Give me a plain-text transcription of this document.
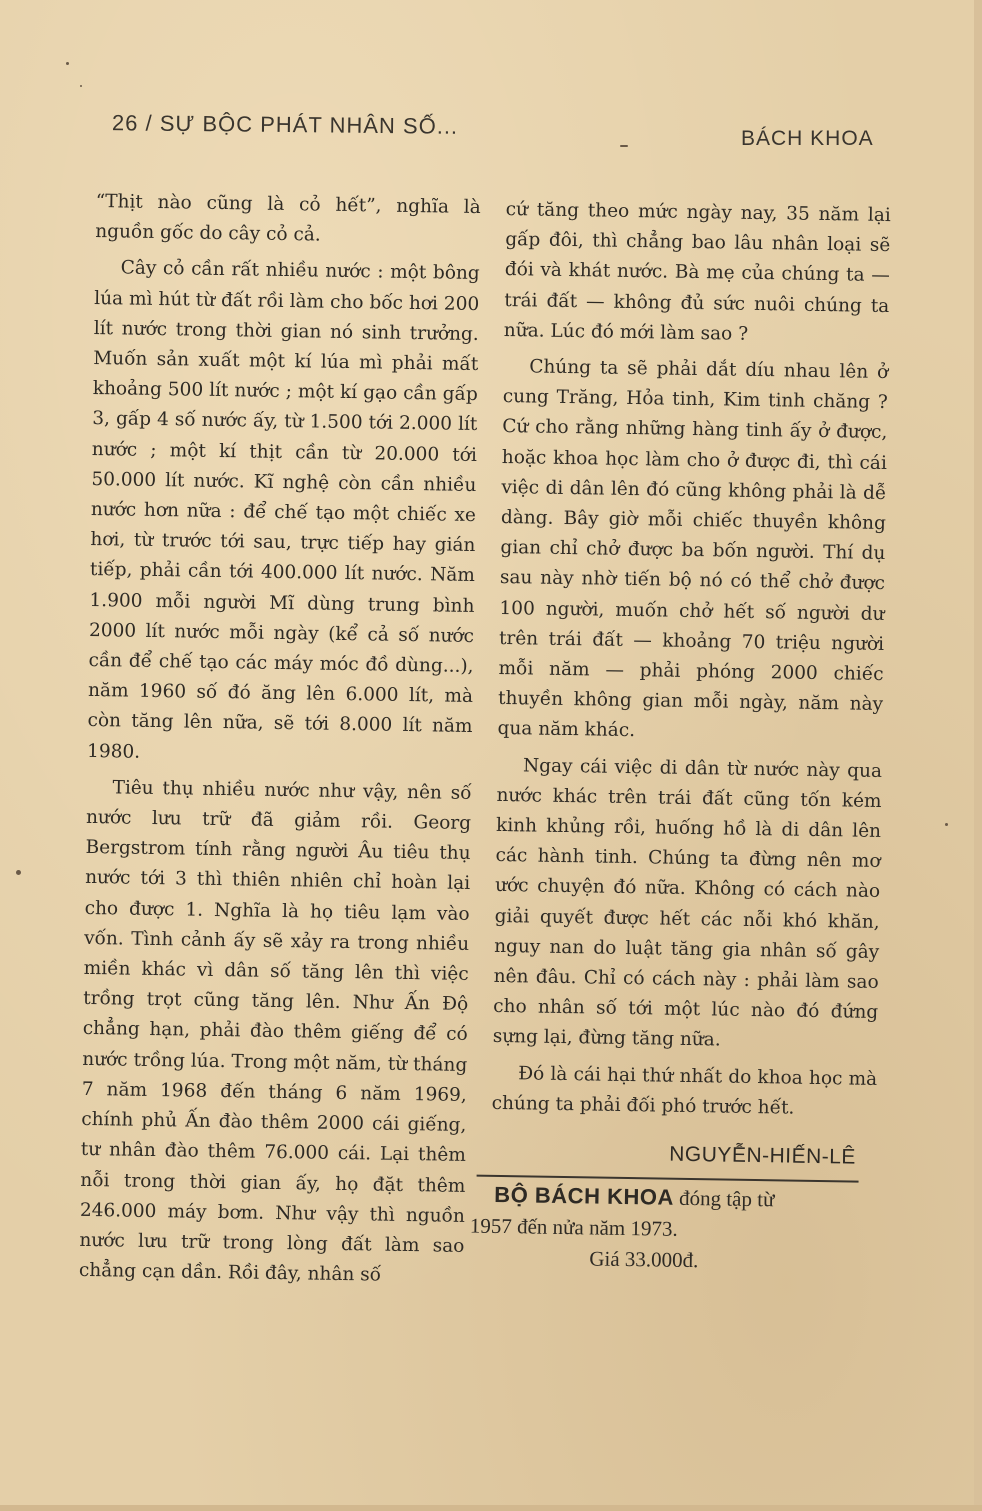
26 / SỰ BỘC PHÁT NHÂN SỐ...	BÁCH KHOA

“Thịt nào cũng là cỏ hết”, nghĩa là nguồn gốc do cây cỏ cả.

Cây cỏ cần rất nhiều nước : một bông lúa mì hút từ đất rồi làm cho bốc hơi 200 lít nước trong thời gian nó sinh trưởng. Muốn sản xuất một kí lúa mì phải mất khoảng 500 lít nước ; một kí gạo cần gấp 3, gấp 4 số nước ấy, từ 1.500 tới 2.000 lít nước ; một kí thịt cần từ 20.000 tới 50.000 lít nước. Kĩ nghệ còn cần nhiều nước hơn nữa : để chế tạo một chiếc xe hơi, từ trước tới sau, trực tiếp hay gián tiếp, phải cần tới 400.000 lít nước. Năm 1.900 mỗi người Mĩ dùng trung bình 2000 lít nước mỗi ngày (kể cả số nước cần để chế tạo các máy móc đồ dùng...), năm 1960 số đó ăng lên 6.000 lít, mà còn tăng lên nữa, sẽ tới 8.000 lít năm 1980.

Tiêu thụ nhiều nước như vậy, nên số nước lưu trữ đã giảm rồi. Georg Bergstrom tính rằng người Âu tiêu thụ nước tới 3 thì thiên nhiên chỉ hoàn lại cho được 1. Nghĩa là họ tiêu lạm vào vốn. Tình cảnh ấy sẽ xảy ra trong nhiều miền khác vì dân số tăng lên thì việc trồng trọt cũng tăng lên. Như Ấn Độ chẳng hạn, phải đào thêm giếng để có nước trồng lúa. Trong một năm, từ tháng 7 năm 1968 đến tháng 6 năm 1969, chính phủ Ấn đào thêm 2000 cái giếng, tư nhân đào thêm 76.000 cái. Lại thêm nỗi trong thời gian ấy, họ đặt thêm 246.000 máy bơm. Như vậy thì nguồn nước lưu trữ trong lòng đất làm sao chẳng cạn dần. Rồi đây, nhân số

cứ tăng theo mức ngày nay, 35 năm lại gấp đôi, thì chẳng bao lâu nhân loại sẽ đói và khát nước. Bà mẹ của chúng ta — trái đất — không đủ sức nuôi chúng ta nữa. Lúc đó mới làm sao ?

Chúng ta sẽ phải dắt díu nhau lên ở cung Trăng, Hỏa tinh, Kim tinh chăng ? Cứ cho rằng những hàng tinh ấy ở được, hoặc khoa học làm cho ở được đi, thì cái việc di dân lên đó cũng không phải là dễ dàng. Bây giờ mỗi chiếc thuyền không gian chỉ chở được ba bốn người. Thí dụ sau này nhờ tiến bộ nó có thể chở được 100 người, muốn chở hết số người dư trên trái đất — khoảng 70 triệu người mỗi năm — phải phóng 2000 chiếc thuyền không gian mỗi ngày, năm này qua năm khác.

Ngay cái việc di dân từ nước này qua nước khác trên trái đất cũng tốn kém kinh khủng rồi, huống hồ là di dân lên các hành tinh. Chúng ta đừng nên mơ ước chuyện đó nữa. Không có cách nào giải quyết được hết các nỗi khó khăn, nguy nan do luật tăng gia nhân số gây nên đâu. Chỉ có cách này : phải làm sao cho nhân số tới một lúc nào đó đứng sựng lại, đừng tăng nữa.

Đó là cái hại thứ nhất do khoa học mà chúng ta phải đối phó trước hết.

NGUYỄN-HIẾN-LÊ
BỘ BÁCH KHOA đóng tập từ
1957 đến nửa năm 1973.
Giá 33.000đ.
